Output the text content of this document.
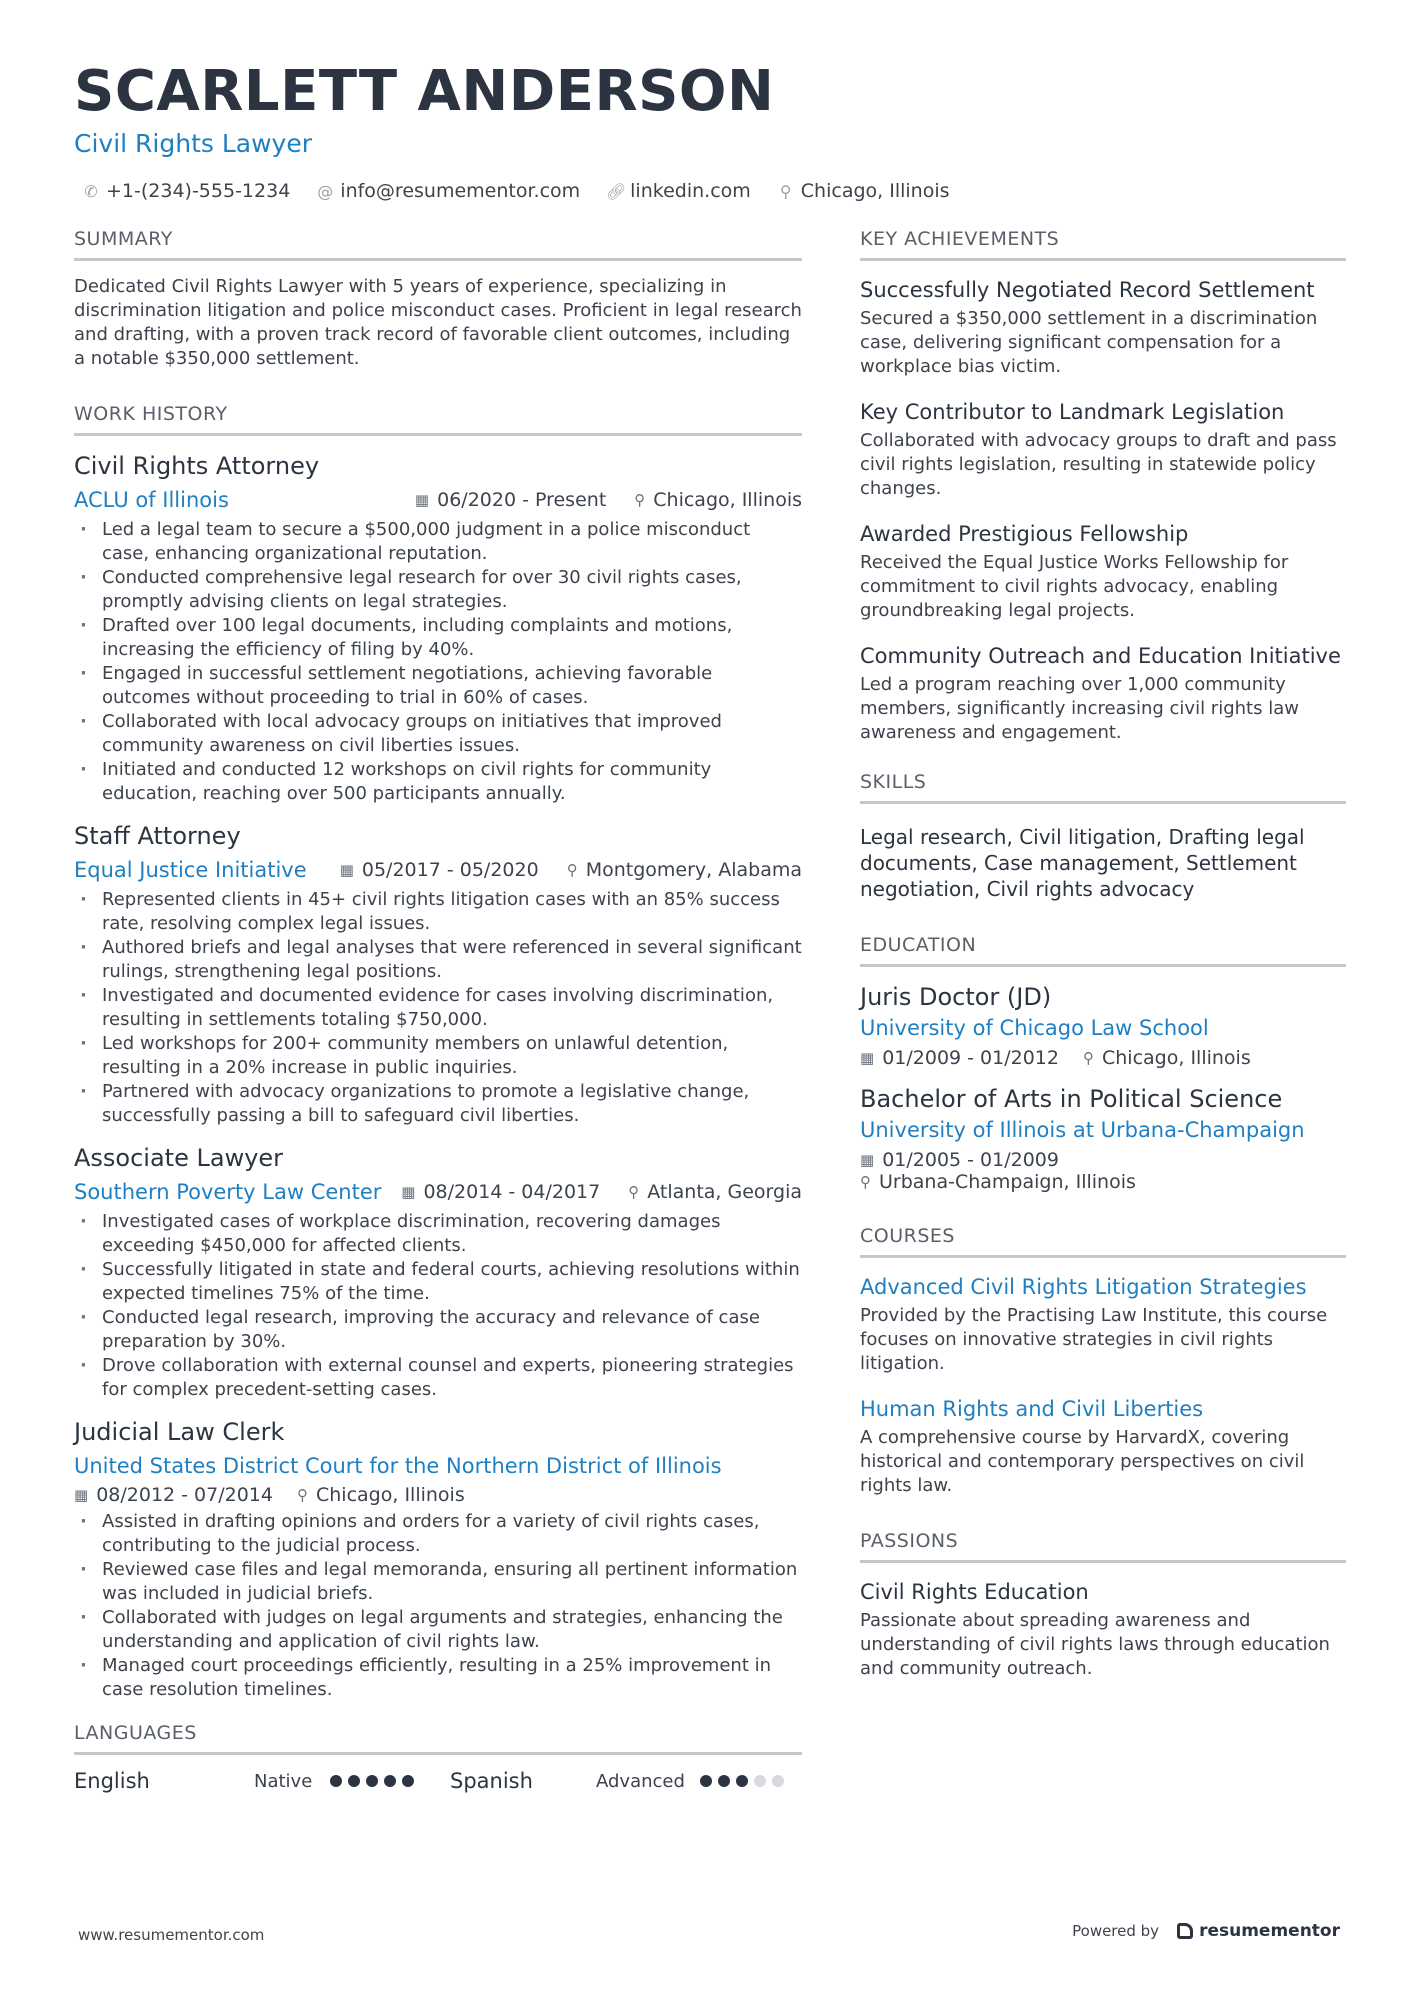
SCARLETT ANDERSON
Civil Rights Lawyer
✆ +1-(234)-555-1234 @ info@resumementor.com 🔗︎ linkedin.com ⚲ Chicago, Illinois
SUMMARY
Dedicated Civil Rights Lawyer with 5 years of experience, specializing in discrimination litigation and police misconduct cases. Proficient in legal research and drafting, with a proven track record of favorable client outcomes, including a notable $350,000 settlement.
WORK HISTORY
Civil Rights Attorney
ACLU of Illinois	▦ 06/2020 - Present ⚲ Chicago, Illinois
· Led a legal team to secure a $500,000 judgment in a police misconduct case, enhancing organizational reputation.
· Conducted comprehensive legal research for over 30 civil rights cases, promptly advising clients on legal strategies.
· Drafted over 100 legal documents, including complaints and motions, increasing the efficiency of filing by 40%.
· Engaged in successful settlement negotiations, achieving favorable outcomes without proceeding to trial in 60% of cases.
· Collaborated with local advocacy groups on initiatives that improved community awareness on civil liberties issues.
· Initiated and conducted 12 workshops on civil rights for community education, reaching over 500 participants annually.
Staff Attorney
Equal Justice Initiative ▦ 05/2017 - 05/2020 ⚲ Montgomery, Alabama
· Represented clients in 45+ civil rights litigation cases with an 85% success rate, resolving complex legal issues.
· Authored briefs and legal analyses that were referenced in several significant rulings, strengthening legal positions.
· Investigated and documented evidence for cases involving discrimination, resulting in settlements totaling $750,000.
· Led workshops for 200+ community members on unlawful detention, resulting in a 20% increase in public inquiries.
· Partnered with advocacy organizations to promote a legislative change, successfully passing a bill to safeguard civil liberties.
Associate Lawyer
Southern Poverty Law Center ▦ 08/2014 - 04/2017 ⚲ Atlanta, Georgia
· Investigated cases of workplace discrimination, recovering damages exceeding $450,000 for affected clients.
· Successfully litigated in state and federal courts, achieving resolutions within expected timelines 75% of the time.
· Conducted legal research, improving the accuracy and relevance of case preparation by 30%.
· Drove collaboration with external counsel and experts, pioneering strategies for complex precedent-setting cases.
Judicial Law Clerk
United States District Court for the Northern District of Illinois
▦ 08/2012 - 07/2014 ⚲ Chicago, Illinois
· Assisted in drafting opinions and orders for a variety of civil rights cases, contributing to the judicial process.
· Reviewed case files and legal memoranda, ensuring all pertinent information was included in judicial briefs.
· Collaborated with judges on legal arguments and strategies, enhancing the understanding and application of civil rights law.
· Managed court proceedings efficiently, resulting in a 25% improvement in case resolution timelines.
LANGUAGES
English	Native	Spanish	Advanced
KEY ACHIEVEMENTS
Successfully Negotiated Record Settlement
Secured a $350,000 settlement in a discrimination case, delivering significant compensation for a workplace bias victim.
Key Contributor to Landmark Legislation
Collaborated with advocacy groups to draft and pass civil rights legislation, resulting in statewide policy changes.
Awarded Prestigious Fellowship
Received the Equal Justice Works Fellowship for commitment to civil rights advocacy, enabling groundbreaking legal projects.
Community Outreach and Education Initiative
Led a program reaching over 1,000 community members, significantly increasing civil rights law awareness and engagement.
SKILLS
Legal research, Civil litigation, Drafting legal documents, Case management, Settlement negotiation, Civil rights advocacy
EDUCATION
Juris Doctor (JD)
University of Chicago Law School
▦ 01/2009 - 01/2012 ⚲ Chicago, Illinois
Bachelor of Arts in Political Science
University of Illinois at Urbana-Champaign
▦ 01/2005 - 01/2009
⚲ Urbana-Champaign, Illinois
COURSES
Advanced Civil Rights Litigation Strategies
Provided by the Practising Law Institute, this course focuses on innovative strategies in civil rights litigation.
Human Rights and Civil Liberties
A comprehensive course by HarvardX, covering historical and contemporary perspectives on civil rights law.
PASSIONS
Civil Rights Education
Passionate about spreading awareness and understanding of civil rights laws through education and community outreach.
www.resumementor.com	Powered by resumementor
